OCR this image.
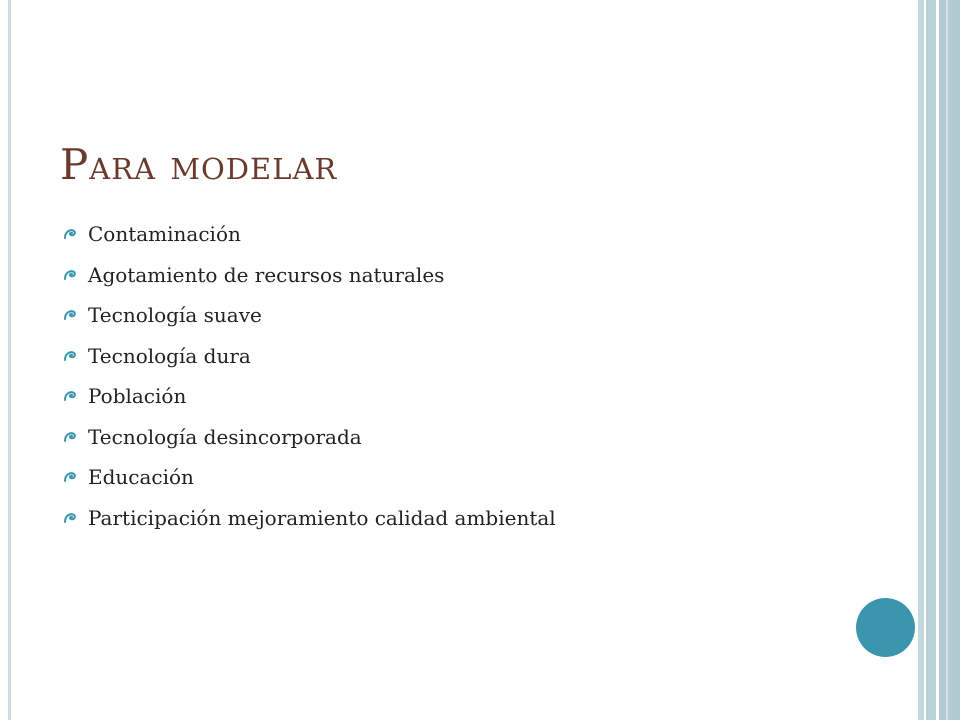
Para modelar
Contaminación
Agotamiento de recursos naturales
Tecnología suave
Tecnología dura
Población
Tecnología desincorporada
Educación
Participación mejoramiento calidad ambiental
